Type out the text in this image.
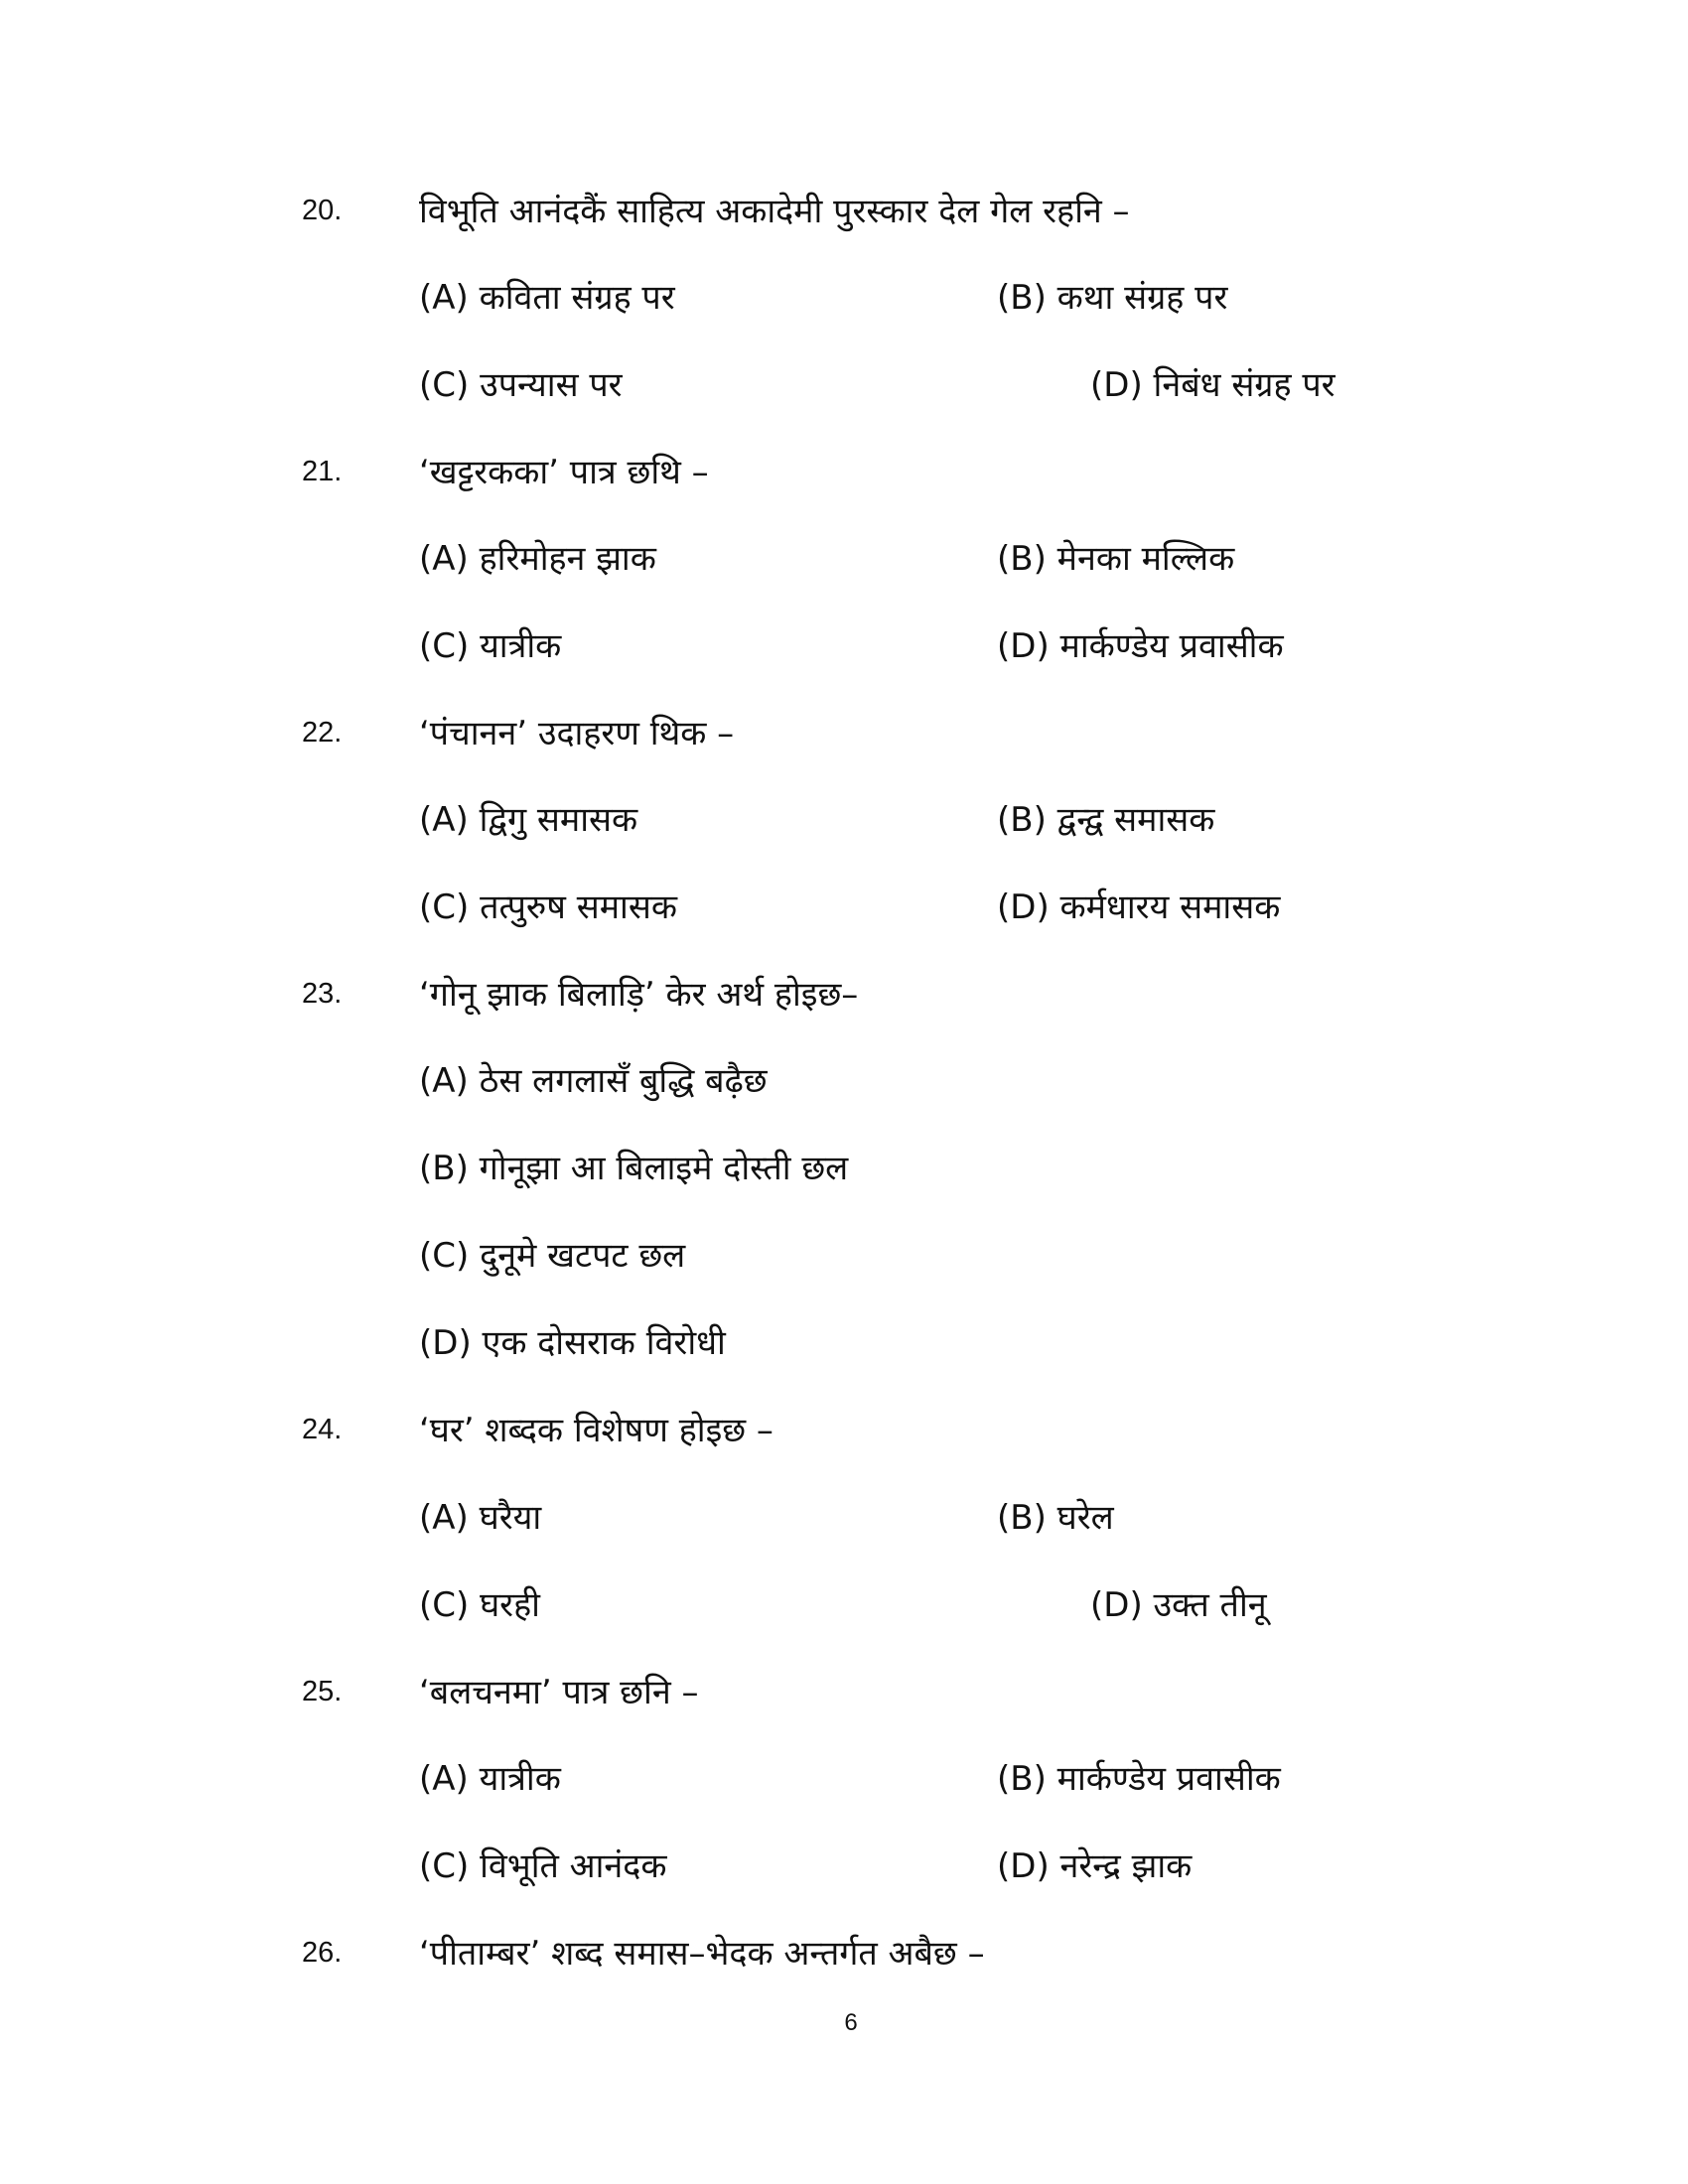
20. विभूति आनंदकैं साहित्य अकादेमी पुरस्कार देल गेल रहनि –
(A) कविता संग्रह पर	(B) कथा संग्रह पर
(C) उपन्यास पर	(D) निबंध संग्रह पर
21. ‘खट्टरकका’ पात्र छथि –
(A) हरिमोहन झाक	(B) मेनका मल्लिक
(C) यात्रीक	(D) मार्कण्डेय प्रवासीक
22. ‘पंचानन’ उदाहरण थिक –
(A) द्विगु समासक	(B) द्वन्द्व समासक
(C) तत्पुरुष समासक	(D) कर्मधारय समासक
23. ‘गोनू झाक बिलाड़ि’ केर अर्थ होइछ–
(A) ठेस लगलासँ बुद्धि बढ़ैछ
(B) गोनूझा आ बिलाइमे दोस्ती छल
(C) दुनूमे खटपट छल
(D) एक दोसराक विरोधी
24. ‘घर’ शब्दक विशेषण होइछ –
(A) घरैया	(B) घरेल
(C) घरही	(D) उक्त तीनू
25. ‘बलचनमा’ पात्र छनि –
(A) यात्रीक	(B) मार्कण्डेय प्रवासीक
(C) विभूति आनंदक	(D) नरेन्द्र झाक
26. ‘पीताम्बर’ शब्द समास–भेदक अन्तर्गत अबैछ –
6
